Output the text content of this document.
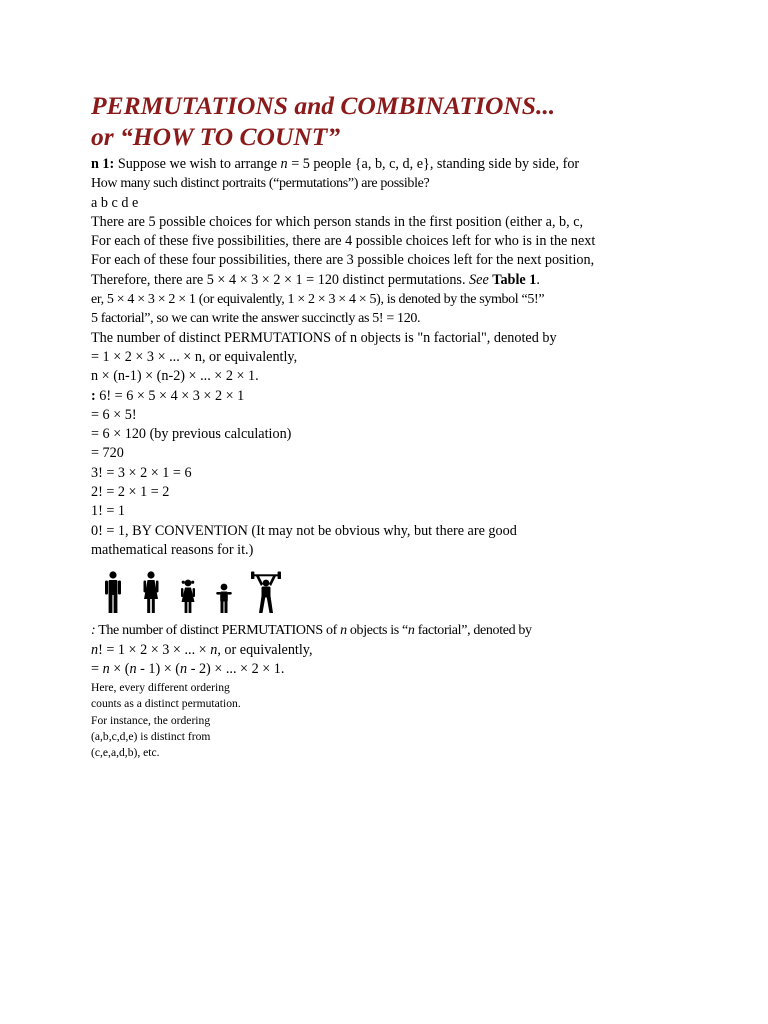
PERMUTATIONS and COMBINATIONS...
or “HOW TO COUNT”
n 1: Suppose we wish to arrange n = 5 people {a, b, c, d, e}, standing side by side, for
How many such distinct portraits (“permutations”) are possible?
a b c d e
There are 5 possible choices for which person stands in the first position (either a, b, c,
For each of these five possibilities, there are 4 possible choices left for who is in the next
For each of these four possibilities, there are 3 possible choices left for the next position,
Therefore, there are 5 × 4 × 3 × 2 × 1 = 120 distinct permutations. See Table 1.
er, 5 × 4 × 3 × 2 × 1 (or equivalently, 1 × 2 × 3 × 4 × 5), is denoted by the symbol “5!”
5 factorial”, so we can write the answer succinctly as 5! = 120.
The number of distinct PERMUTATIONS of n objects is "n factorial", denoted by
= 1 × 2 × 3 × ... × n, or equivalently,
n × (n-1) × (n-2) × ... × 2 × 1.
: 6! = 6 × 5 × 4 × 3 × 2 × 1
= 6 × 5!
= 6 × 120 (by previous calculation)
= 720
3! = 3 × 2 × 1 = 6
2! = 2 × 1 = 2
1! = 1
0! = 1, BY CONVENTION (It may not be obvious why, but there are good
mathematical reasons for it.)
: The number of distinct PERMUTATIONS of n objects is “n factorial”, denoted by
n! = 1 × 2 × 3 × ... × n, or equivalently,
= n × (n - 1) × (n - 2) × ... × 2 × 1.
Here, every different ordering
counts as a distinct permutation.
For instance, the ordering
(a,b,c,d,e) is distinct from
(c,e,a,d,b), etc.
